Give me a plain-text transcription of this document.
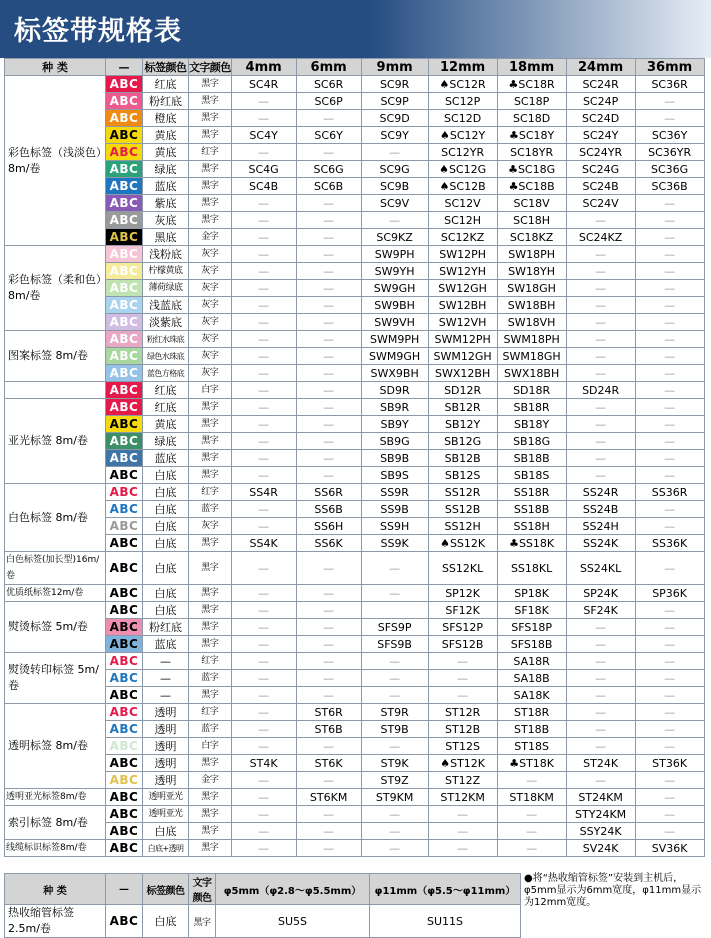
标签带规格表
种 类	—	标签颜色	文字颜色	4mm	6mm	9mm	12mm	18mm	24mm	36mm
彩色标签（浅淡色）8m/卷	ABC	红底	黑字	SC4R	SC6R	SC9R	♠SC12R	♣SC18R	SC24R	SC36R
	ABC	粉红底	黑字	—	SC6P	SC9P	SC12P	SC18P	SC24P	—
	ABC	橙底	黑字	—	—	SC9D	SC12D	SC18D	SC24D	—
	ABC	黄底	黑字	SC4Y	SC6Y	SC9Y	♠SC12Y	♣SC18Y	SC24Y	SC36Y
	ABC	黄底	红字	—	—	—	SC12YR	SC18YR	SC24YR	SC36YR
	ABC	绿底	黑字	SC4G	SC6G	SC9G	♠SC12G	♣SC18G	SC24G	SC36G
	ABC	蓝底	黑字	SC4B	SC6B	SC9B	♠SC12B	♣SC18B	SC24B	SC36B
	ABC	紫底	黑字	—	—	SC9V	SC12V	SC18V	SC24V	—
	ABC	灰底	黑字	—	—	—	SC12H	SC18H	—	—
	ABC	黑底	金字	—	—	SC9KZ	SC12KZ	SC18KZ	SC24KZ	—
彩色标签（柔和色）8m/卷	ABC	浅粉底	灰字	—	—	SW9PH	SW12PH	SW18PH	—	—
	ABC	柠檬黄底	灰字	—	—	SW9YH	SW12YH	SW18YH	—	—
	ABC	薄荷绿底	灰字	—	—	SW9GH	SW12GH	SW18GH	—	—
	ABC	浅蓝底	灰字	—	—	SW9BH	SW12BH	SW18BH	—	—
	ABC	淡紫底	灰字	—	—	SW9VH	SW12VH	SW18VH	—	—
图案标签 8m/卷	ABC	粉红水珠底	灰字	—	—	SWM9PH	SWM12PH	SWM18PH	—	—
	ABC	绿色水珠底	灰字	—	—	SWM9GH	SWM12GH	SWM18GH	—	—
	ABC	蓝色方格底	灰字	—	—	SWX9BH	SWX12BH	SWX18BH	—	—
	ABC	红底	白字	—	—	SD9R	SD12R	SD18R	SD24R	—
亚光标签 8m/卷	ABC	红底	黑字	—	—	SB9R	SB12R	SB18R	—	—
	ABC	黄底	黑字	—	—	SB9Y	SB12Y	SB18Y	—	—
	ABC	绿底	黑字	—	—	SB9G	SB12G	SB18G	—	—
	ABC	蓝底	黑字	—	—	SB9B	SB12B	SB18B	—	—
	ABC	白底	黑字	—	—	SB9S	SB12S	SB18S	—	—
白色标签 8m/卷	ABC	白底	红字	SS4R	SS6R	SS9R	SS12R	SS18R	SS24R	SS36R
	ABC	白底	蓝字	—	SS6B	SS9B	SS12B	SS18B	SS24B	—
	ABC	白底	灰字	—	SS6H	SS9H	SS12H	SS18H	SS24H	—
	ABC	白底	黑字	SS4K	SS6K	SS9K	♠SS12K	♣SS18K	SS24K	SS36K
白色标签(加长型)16m/卷	ABC	白底	黑字	—	—	—	SS12KL	SS18KL	SS24KL	—
优质纸标签12m/卷	ABC	白底	黑字	—	—	—	SP12K	SP18K	SP24K	SP36K
熨烫标签 5m/卷	ABC	白底	黑字	—	—		SF12K	SF18K	SF24K	—
	ABC	粉红底	黑字	—	—	SFS9P	SFS12P	SFS18P	—	—
	ABC	蓝底	黑字	—	—	SFS9B	SFS12B	SFS18B	—	—
熨烫转印标签 5m/卷	ABC	—	红字	—	—	—	—	SA18R	—	—
	ABC	—	蓝字	—	—	—	—	SA18B	—	—
	ABC	—	黑字	—	—	—	—	SA18K	—	—
透明标签 8m/卷	ABC	透明	红字	—	ST6R	ST9R	ST12R	ST18R	—	—
	ABC	透明	蓝字	—	ST6B	ST9B	ST12B	ST18B	—	—
	ABC	透明	白字	—	—	—	ST12S	ST18S	—	—
	ABC	透明	黑字	ST4K	ST6K	ST9K	♠ST12K	♣ST18K	ST24K	ST36K
	ABC	透明	金字	—	—	ST9Z	ST12Z	—	—	—
透明亚光标签8m/卷	ABC	透明亚光	黑字	—	ST6KM	ST9KM	ST12KM	ST18KM	ST24KM	—
索引标签 8m/卷	ABC	透明亚光	黑字	—	—	—	—	—	STY24KM	—
	ABC	白底	黑字	—	—	—	—	—	SSY24K	—
线缆标识标签8m/卷	ABC	白底+透明	黑字	—	—	—	—	—	SV24K	SV36K
种 类	—	标签颜色	文字颜色	φ5mm（φ2.8～φ5.5mm）	φ11mm（φ5.5～φ11mm）
热收缩管标签 2.5m/卷	ABC	白底	黑字	SU5S	SU11S
●将“热收缩管标签”安装到主机后，φ5mm显示为6mm宽度，φ11mm显示为12mm宽度。
